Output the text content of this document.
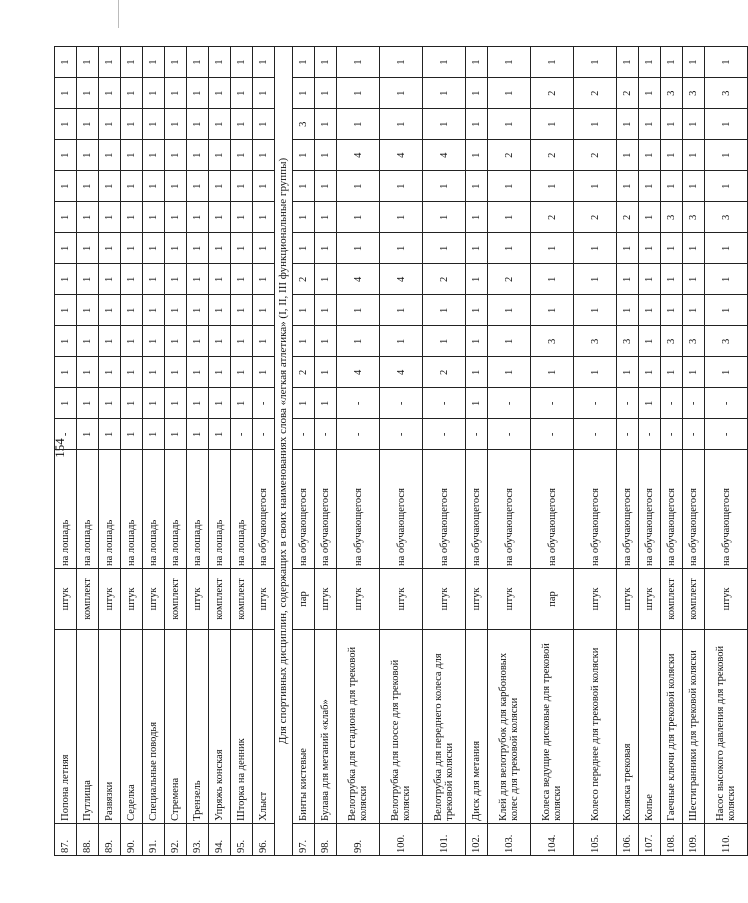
154
87.	Попона летняя	штук	на лошадь	-	1	1	1	1	1	1	1	1	1	1	1	1
88.	Путлища	комплект	на лошадь	1	1	1	1	1	1	1	1	1	1	1	1	1
89.	Развязки	штук	на лошадь	1	1	1	1	1	1	1	1	1	1	1	1	1
90.	Седелка	штук	на лошадь	1	1	1	1	1	1	1	1	1	1	1	1	1
91.	Специальные поводья	штук	на лошадь	1	1	1	1	1	1	1	1	1	1	1	1	1
92.	Стремена	комплект	на лошадь	1	1	1	1	1	1	1	1	1	1	1	1	1
93.	Трензель	штук	на лошадь	1	1	1	1	1	1	1	1	1	1	1	1	1
94.	Упряжь конская	комплект	на лошадь	1	1	1	1	1	1	1	1	1	1	1	1	1
95.	Шторка на денник	комплект	на лошадь	-	1	1	1	1	1	1	1	1	1	1	1	1
96.	Хлыст	штук	на обучающегося	-	-	1	1	1	1	1	1	1	1	1	1	1
Для спортивных дисциплин, содержащих в своих наименованиях слова «легкая атлетика» (I, II, III функциональные группы)																
97.	Бинты кистевые	пар	на обучающегося	-	1	2	1	1	2	1	1	1	1	3	1	1
98.	Булава для метаний «клаб»	штук	на обучающегося	-	1	1	1	1	1	1	1	1	1	1	1	1
99.	Велотрубка для стадиона для трековой коляски	штук	на обучающегося	-	-	4	1	1	4	1	1	1	4	1	1	1
100.	Велотрубка для шоссе для трековой коляски	штук	на обучающегося	-	-	4	1	1	4	1	1	1	4	1	1	1
101.	Велотрубка для переднего колеса для трековой коляски	штук	на обучающегося	-	-	2	1	1	2	1	1	1	4	1	1	1
102.	Диск для метания	штук	на обучающегося	-	1	1	1	1	1	1	1	1	1	1	1	1
103.	Клей для велотрубок для карбоновых колес для трековой коляски	штук	на обучающегося	-	-	1	1	1	2	1	1	1	2	1	1	1
104.	Колеса ведущие дисковые для трековой коляски	пар	на обучающегося	-	-	1	3	1	1	1	2	1	2	1	2	1
105.	Колесо переднее для трековой коляски	штук	на обучающегося	-	-	1	3	1	1	1	2	1	2	1	2	1
106.	Коляска трековая	штук	на обучающегося	-	-	1	3	1	1	1	2	1	1	1	2	1
107.	Копье	штук	на обучающегося	-	1	1	1	1	1	1	1	1	1	1	1	1
108.	Гаечные ключи для трековой коляски	комплект	на обучающегося	-	-	1	3	1	1	1	3	1	1	1	3	1
109.	Шестигранники для трековой коляски	комплект	на обучающегося	-	-	1	3	1	1	1	3	1	1	1	3	1
110.	Насос высокого давления для трековой коляски	штук	на обучающегося	-	-	1	3	1	1	1	3	1	1	1	3	1
